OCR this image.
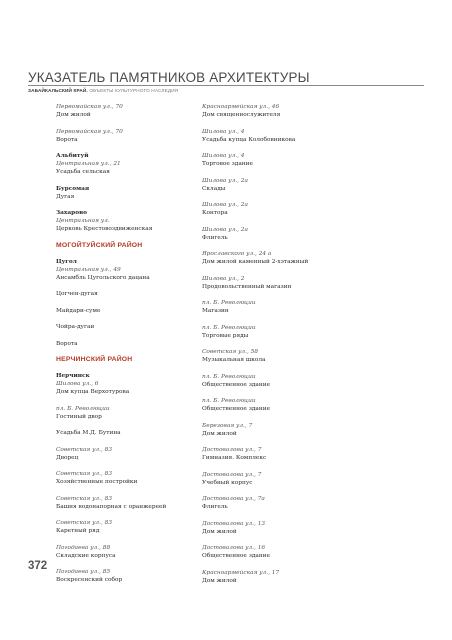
УКАЗАТЕЛЬ ПАМЯТНИКОВ АРХИТЕКТУРЫ
ЗАБАЙКАЛЬСКИЙ КРАЙ. ОБЪЕКТЫ КУЛЬТУРНОГО НАСЛЕДИЯ
Первомайская ул., 70
Дом жилой
Первомайская ул., 70
Ворота
Альбитуй
Центральная ул., 21
Усадьба сельская
Бурсомая
Дугая
Захарово
Центральная ул.
Церковь Крестовоздвиженская
МОГОЙТУЙСКИЙ РАЙОН
Цугол
Центральная ул., 49
Ансамбль Цугольского дацана
Цогчен-дугая
Майдари-суме
Чойра-дугаи
Ворота
НЕРЧИНСКИЙ РАЙОН
Нерчинск
Шилова ул., 6
Дом купца Верхотурова
пл. Б. Революции
Гостиный двор
Усадьба М.Д. Бутина
Советская ул., 83
Дворец
Советская ул., 83
Хозяйственные постройки
Советская ул., 83
Башня водонапорная с оранжереей
Советская ул., 83
Каретный ряд
Погодаева ул., 88
Складские корпуса
Погодаева ул., 85
Воскресенский собор
Красноармейская ул., 46
Дом священнослужителя
Шилова ул., 4
Усадьба купца Колобовникова
Шилова ул., 4
Торговое здание
Шилова ул., 2а
Склады
Шилова ул., 2а
Контора
Шилова ул., 2а
Флигель
Ярославского ул., 24 а
Дом жилой каменный 2-хэтажный
Шилова ул., 2
Продовольственный магазин
пл. Б. Революции
Магазин
пл. Б. Революции
Торговые ряды
Советская ул., 58
Музыкальная школа
пл. Б. Революции
Общественное здание
пл. Б. Революции
Общественное здание
Березовая ул., 7
Дом жилой
Достовалова ул., 7
Гимназия. Комплекс
Достовалова ул., 7
Учебный корпус
Достовалова ул., 7а
Флигель
Достовалова ул., 13
Дом жилой
Достовалова ул., 16
Общественное здание
Красноармейская ул., 17
Дом жилой
372
